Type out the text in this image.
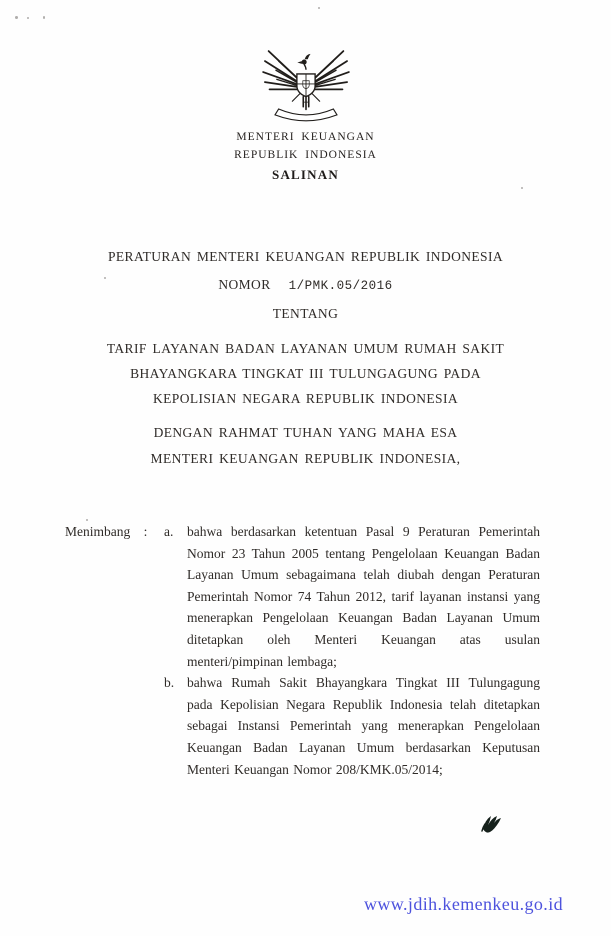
MENTERI KEUANGAN
REPUBLIK INDONESIA
SALINAN
PERATURAN MENTERI KEUANGAN REPUBLIK INDONESIA
NOMOR 1/PMK.05/2016
TENTANG
TARIF LAYANAN BADAN LAYANAN UMUM RUMAH SAKIT
BHAYANGKARA TINGKAT III TULUNGAGUNG PADA
KEPOLISIAN NEGARA REPUBLIK INDONESIA
DENGAN RAHMAT TUHAN YANG MAHA ESA
MENTERI KEUANGAN REPUBLIK INDONESIA,
Menimbang :	a.	bahwa berdasarkan ketentuan Pasal 9 Peraturan Pemerintah Nomor 23 Tahun 2005 tentang Pengelolaan Keuangan Badan Layanan Umum sebagaimana telah diubah dengan Peraturan Pemerintah Nomor 74 Tahun 2012, tarif layanan instansi yang menerapkan Pengelolaan Keuangan Badan Layanan Umum ditetapkan oleh Menteri Keuangan atas usulan menteri/pimpinan lembaga;
b. bahwa Rumah Sakit Bhayangkara Tingkat III Tulungagung pada Kepolisian Negara Republik Indonesia telah ditetapkan sebagai Instansi Pemerintah yang menerapkan Pengelolaan Keuangan Badan Layanan Umum berdasarkan Keputusan Menteri Keuangan Nomor 208/KMK.05/2014;
www.jdih.kemenkeu.go.id
